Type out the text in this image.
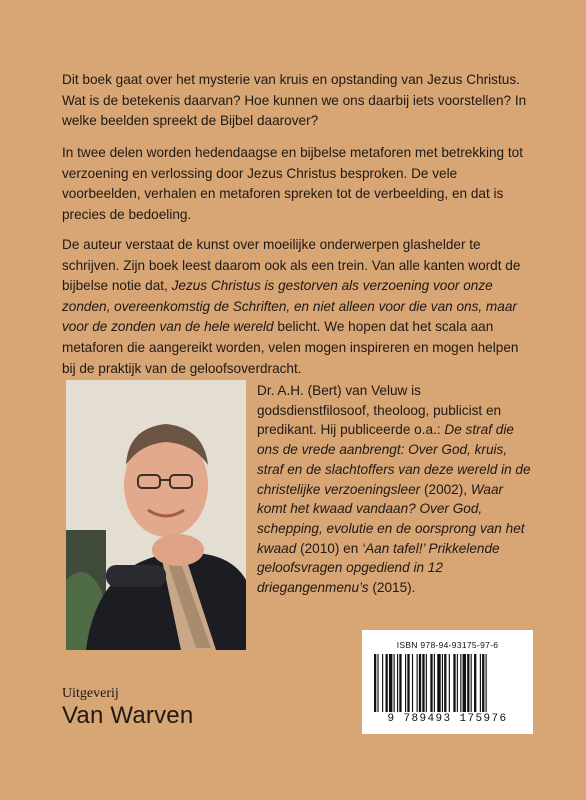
Dit boek gaat over het mysterie van kruis en opstanding van Jezus Christus. Wat is de betekenis daarvan? Hoe kunnen we ons daarbij iets voorstellen? In welke beelden spreekt de Bijbel daarover?

In twee delen worden hedendaagse en bijbelse metaforen met betrekking tot verzoening en verlossing door Jezus Christus besproken. De vele voorbeelden, verhalen en metaforen spreken tot de verbeelding, en dat is precies de bedoeling.

De auteur verstaat de kunst over moeilijke onderwerpen glashelder te schrijven. Zijn boek leest daarom ook als een trein. Van alle kanten wordt de bijbelse notie dat, Jezus Christus is gestorven als verzoening voor onze zonden, overeenkomstig de Schriften, en niet alleen voor die van ons, maar voor de zonden van de hele wereld belicht. We hopen dat het scala aan metaforen die aangereikt worden, velen mogen inspireren en mogen helpen bij de praktijk van de geloofsoverdracht.

Dr. A.H. (Bert) van Veluw is godsdienstfilosoof, theoloog, publicist en predikant. Hij publiceerde o.a.: De straf die ons de vrede aanbrengt: Over God, kruis, straf en de slachtoffers van deze wereld in de christelijke verzoeningsleer (2002), Waar komt het kwaad vandaan? Over God, schepping, evolutie en de oorsprong van het kwaad (2010) en ‘Aan tafel!’ Prikkelende geloofsvragen opgediend in 12 driegangenmenu’s (2015).

Uitgeverij
Van Warven
ISBN 978-94-93175-97-6
9 789493 175976
